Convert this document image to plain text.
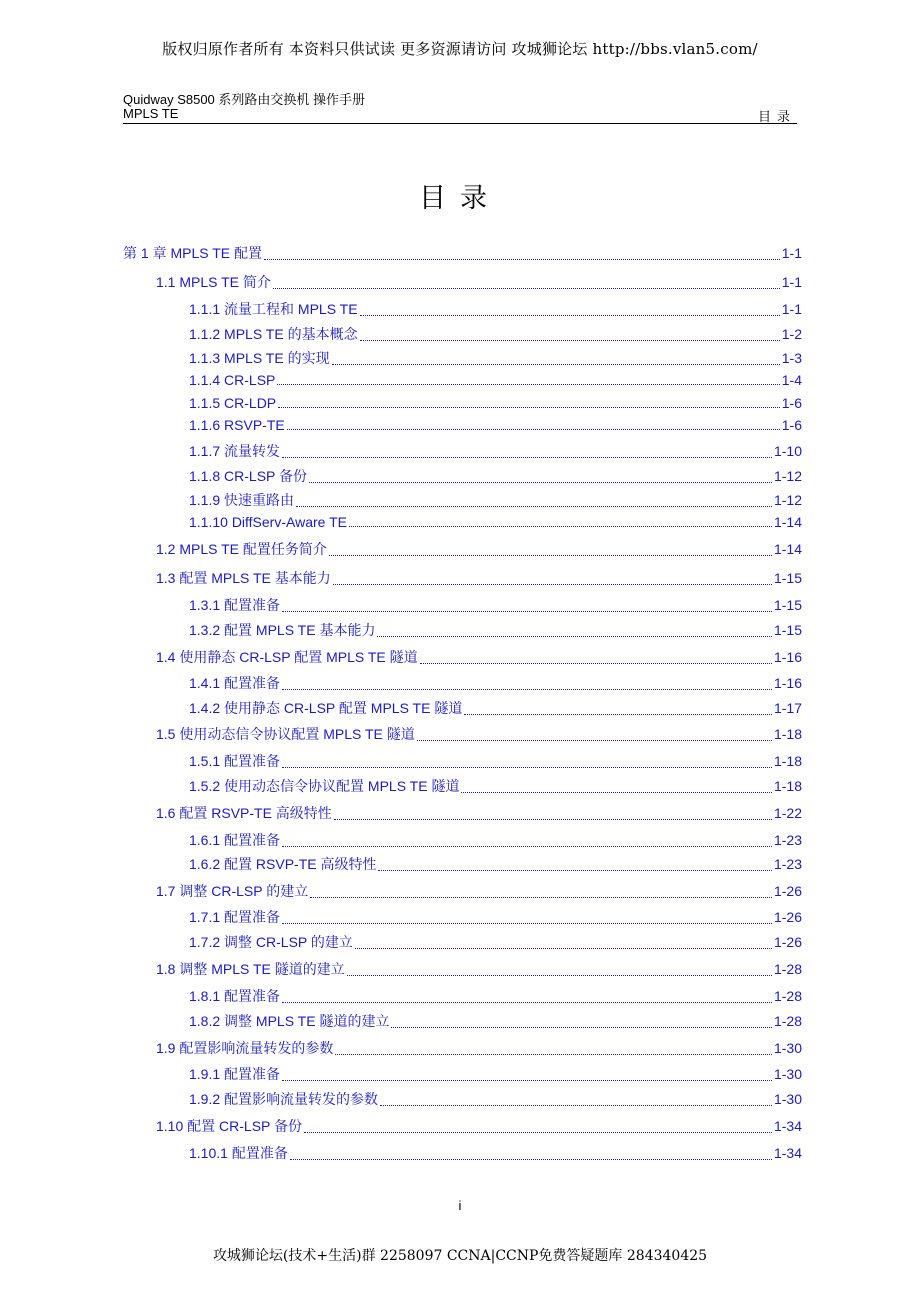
版权归原作者所有 本资料只供试读 更多资源请访问 攻城狮论坛 http://bbs.vlan5.com/
Quidway S8500 系列路由交换机 操作手册
MPLS TE	目录
目录
第 1 章 MPLS TE 配置	1-1
1.1 MPLS TE 简介	1-1
1.1.1 流量工程和 MPLS TE	1-1
1.1.2 MPLS TE 的基本概念	1-2
1.1.3 MPLS TE 的实现	1-3
1.1.4 CR-LSP	1-4
1.1.5 CR-LDP	1-6
1.1.6 RSVP-TE	1-6
1.1.7 流量转发	1-10
1.1.8 CR-LSP 备份	1-12
1.1.9 快速重路由	1-12
1.1.10 DiffServ-Aware TE	1-14
1.2 MPLS TE 配置任务简介	1-14
1.3 配置 MPLS TE 基本能力	1-15
1.3.1 配置准备	1-15
1.3.2 配置 MPLS TE 基本能力	1-15
1.4 使用静态 CR-LSP 配置 MPLS TE 隧道	1-16
1.4.1 配置准备	1-16
1.4.2 使用静态 CR-LSP 配置 MPLS TE 隧道	1-17
1.5 使用动态信令协议配置 MPLS TE 隧道	1-18
1.5.1 配置准备	1-18
1.5.2 使用动态信令协议配置 MPLS TE 隧道	1-18
1.6 配置 RSVP-TE 高级特性	1-22
1.6.1 配置准备	1-23
1.6.2 配置 RSVP-TE 高级特性	1-23
1.7 调整 CR-LSP 的建立	1-26
1.7.1 配置准备	1-26
1.7.2 调整 CR-LSP 的建立	1-26
1.8 调整 MPLS TE 隧道的建立	1-28
1.8.1 配置准备	1-28
1.8.2 调整 MPLS TE 隧道的建立	1-28
1.9 配置影响流量转发的参数	1-30
1.9.1 配置准备	1-30
1.9.2 配置影响流量转发的参数	1-30
1.10 配置 CR-LSP 备份	1-34
1.10.1 配置准备	1-34
i
攻城狮论坛(技术+生活)群 2258097 CCNA|CCNP免费答疑题库 284340425
